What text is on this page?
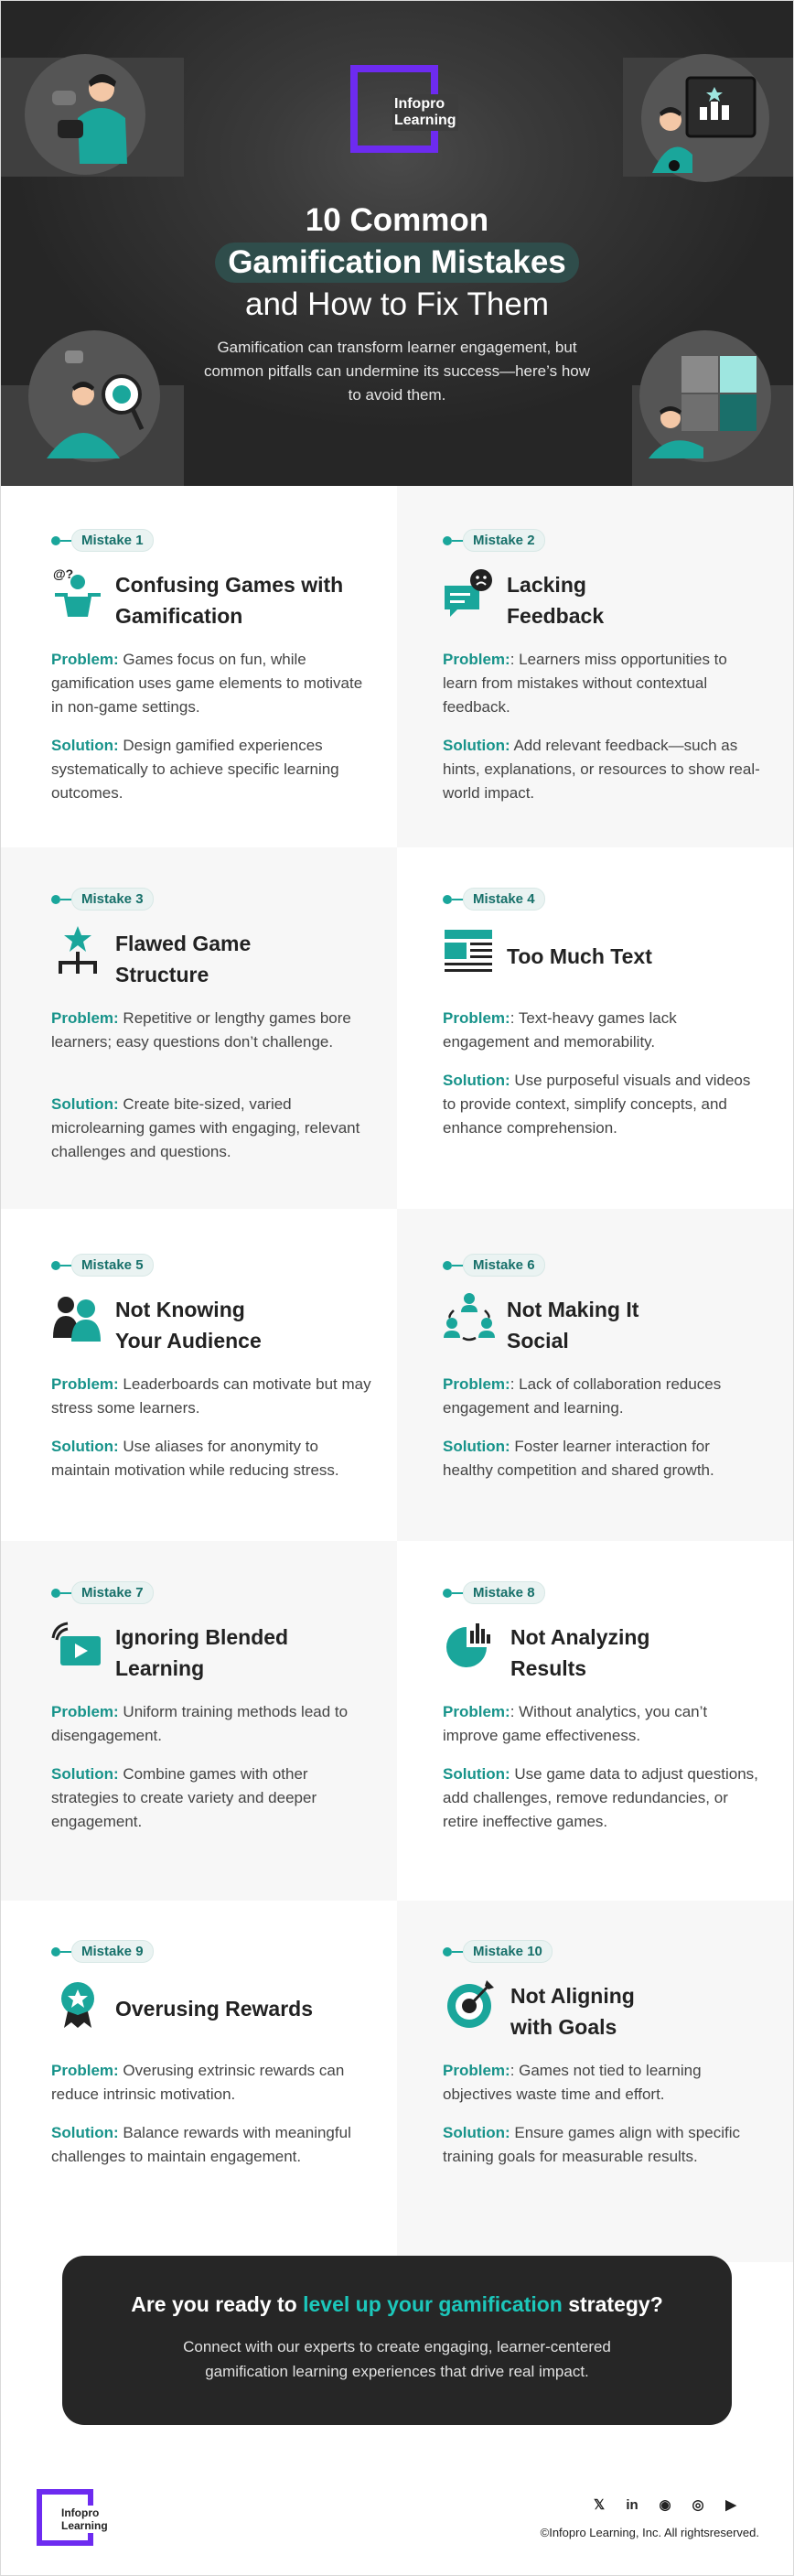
Infopro
Learning
10 Common
Gamification Mistakes
and How to Fix Them
Gamification can transform learner engagement, but common pitfalls can undermine its success—here’s how to avoid them.
Mistake 1
@? Confusing Games with Gamification
Problem: Games focus on fun, while gamification uses game elements to motivate in non-game settings.
Solution: Design gamified experiences systematically to achieve specific learning outcomes.
Mistake 2
Lacking Feedback
Problem:: Learners miss opportunities to learn from mistakes without contextual feedback.
Solution: Add relevant feedback—such as hints, explanations, or resources to show real-world impact.
Mistake 3
Flawed Game Structure
Problem: Repetitive or lengthy games bore learners; easy questions don’t challenge.
Solution: Create bite-sized, varied microlearning games with engaging, relevant challenges and questions.
Mistake 4
Too Much Text
Problem:: Text-heavy games lack engagement and memorability.
Solution: Use purposeful visuals and videos to provide context, simplify concepts, and enhance comprehension.
Mistake 5
Not Knowing Your Audience
Problem: Leaderboards can motivate but may stress some learners.
Solution: Use aliases for anonymity to maintain motivation while reducing stress.
Mistake 6
Not Making It Social
Problem:: Lack of collaboration reduces engagement and learning.
Solution: Foster learner interaction for healthy competition and shared growth.
Mistake 7
Ignoring Blended Learning
Problem: Uniform training methods lead to disengagement.
Solution: Combine games with other strategies to create variety and deeper engagement.
Mistake 8
Not Analyzing Results
Problem:: Without analytics, you can’t improve game effectiveness.
Solution: Use game data to adjust questions, add challenges, remove redundancies, or retire ineffective games.
Mistake 9
Overusing Rewards
Problem: Overusing extrinsic rewards can reduce intrinsic motivation.
Solution: Balance rewards with meaningful challenges to maintain engagement.
Mistake 10
Not Aligning with Goals
Problem:: Games not tied to learning objectives waste time and effort.
Solution: Ensure games align with specific training goals for measurable results.
Are you ready to level up your gamification strategy?
Connect with our experts to create engaging, learner-centered gamification learning experiences that drive real impact.
Infopro
Learning
𝕏	in ◉ ◎	▶
©Infopro Learning, Inc. All rightsreserved.
